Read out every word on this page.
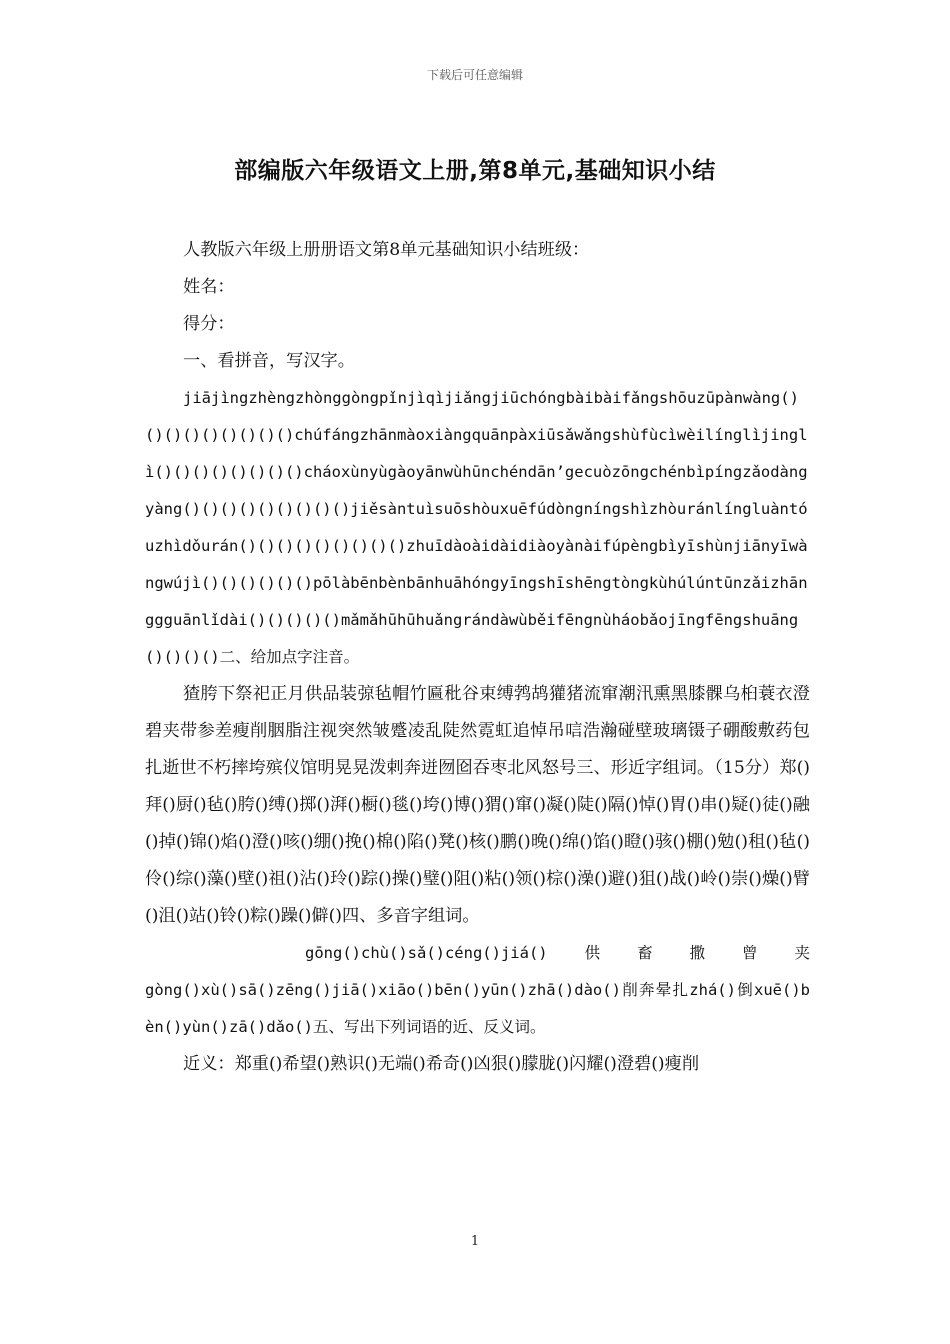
下载后可任意编辑
部编版六年级语文上册,第8单元,基础知识小结

人教版六年级上册册语文第8单元基础知识小结班级：

姓名：

得分：

一、看拼音，写汉字。

jiājìngzhèngzhònggòngpǐnjìqìjiǎngjiūchóngbàibàifǎngshōuzūpànwàng()()()()()()()()()chúfángzhānmàoxiàngquānpàxiūsǎwǎngshùfùcìwèilínglìjinglì()()()()()()()()cháoxùnyùgàoyānwùhūnchéndān’gecuòzōngchénbìpíngzǎodàngyàng()()()()()()()()()jiěsàntuìsuōshòuxuēfúdòngníngshìzhòuránlíngluàntóuzhìdǒurán()()()()()()()()()zhuīdàoàidàidiàoyànàifúpèngbìyīshùnjiānyīwàngwújì()()()()()()pōlàbēnbènbānhuāhóngyīngshīshēngtòngkùhúlúntūnzǎizhānggguānlǐdài()()()()()mǎmǎhūhūhuǎngrándàwùběifēngnùháobǎojīngfēngshuāng()()()()二、给加点字注音。

猹胯下祭祀正月供品装弶毡帽竹匾秕谷束缚鹁鸪獾猪流窜潮汛熏黑膝髁乌桕蓑衣澄碧夹带参差瘦削胭脂注视突然皱蹙凌乱陡然霓虹追悼吊唁浩瀚碰壁玻璃镊子硼酸敷药包扎逝世不朽摔垮殡仪馆明晃晃泼剌奔迸囫囵吞枣北风怒号三、形近字组词。（15分）郑()拜()厨()毡()胯()缚()掷()湃()橱()毯()垮()博()猬()窜()凝()陡()隔()悼()胃()串()疑()徒()融()掉()锦()焰()澄()咳()绷()挽()棉()陷()凳()核()鹏()晚()绵()馅()瞪()骇()棚()勉()租()毡()伶()综()藻()壁()祖()沾()玲()踪()操()璧()阻()粘()领()棕()澡()避()狙()战()岭()崇()燥()臂()沮()站()铃()粽()躁()僻()四、多音字组词。

gōng()chù()sǎ()céng()jiá()　供　畜　撒　曾　夹

gòng()xù()sā()zēng()jiā()xiāo()bēn()yūn()zhā()dào()削奔晕扎zhá()倒xuē()bèn()yùn()zā()dǎo()五、写出下列词语的近、反义词。

近义：郑重()希望()熟识()无端()希奇()凶狠()朦胧()闪耀()澄碧()瘦削

1
